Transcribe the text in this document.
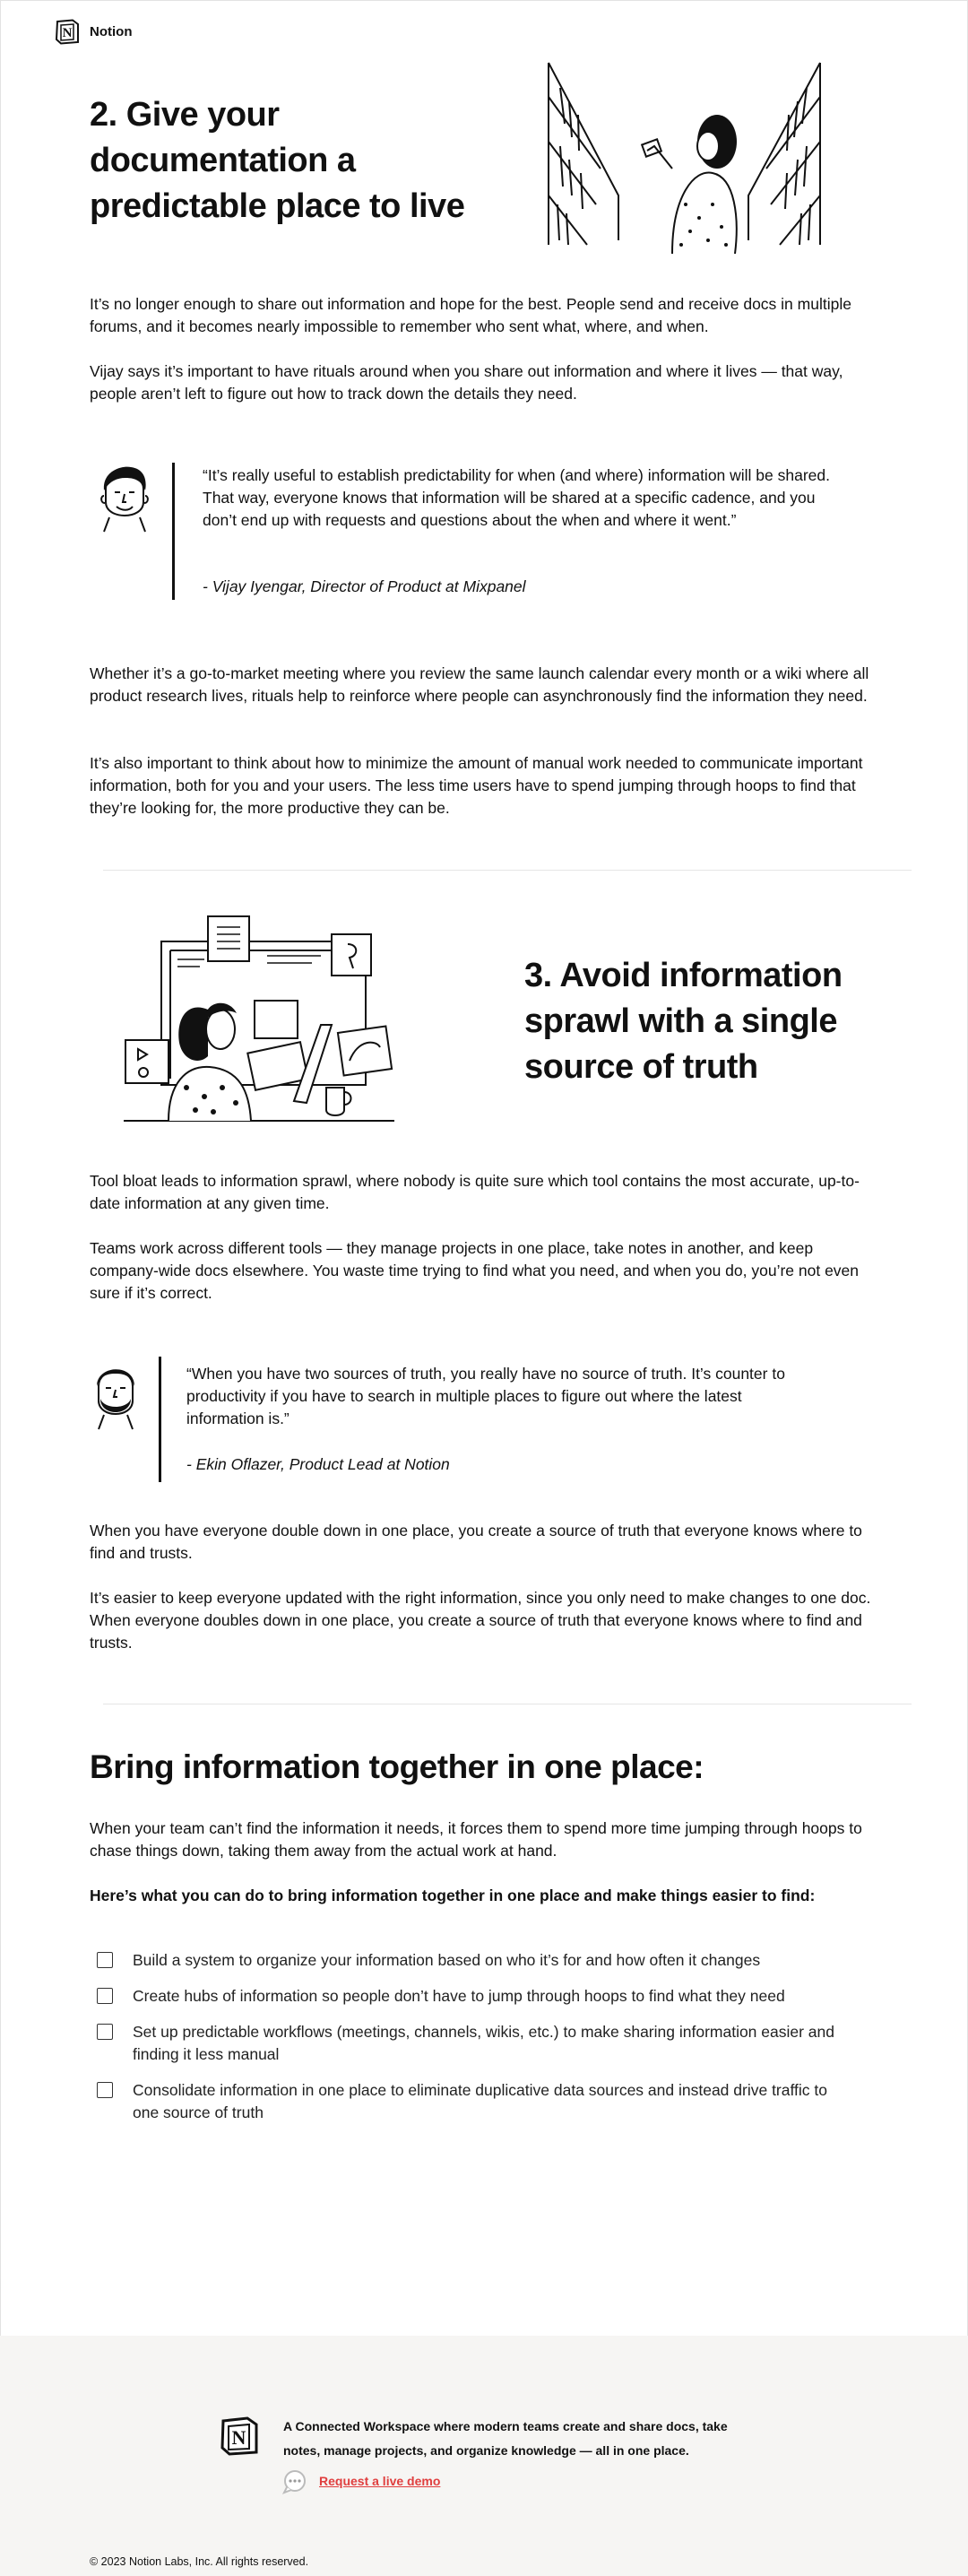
N Notion
2. Give your
documentation a
predictable place to live

It’s no longer enough to share out information and hope for the best. People send and receive docs in multiple forums, and it becomes nearly impossible to remember who sent what, where, and when.

Vijay says it’s important to have rituals around when you share out information and where it lives — that way, people aren’t left to figure out how to track down the details they need.

“It’s really useful to establish predictability for when (and where) information will be shared. That way, everyone knows that information will be shared at a specific cadence, and you don’t end up with requests and questions about the when and where it went.”
- Vijay Iyengar, Director of Product at Mixpanel

Whether it’s a go-to-market meeting where you review the same launch calendar every month or a wiki where all product research lives, rituals help to reinforce where people can asynchronously find the information they need.

It’s also important to think about how to minimize the amount of manual work needed to communicate important information, both for you and your users. The less time users have to spend jumping through hoops to find that they’re looking for, the more productive they can be.

3. Avoid information
sprawl with a single
source of truth

Tool bloat leads to information sprawl, where nobody is quite sure which tool contains the most accurate, up-to-date information at any given time.

Teams work across different tools — they manage projects in one place, take notes in another, and keep company-wide docs elsewhere. You waste time trying to find what you need, and when you do, you’re not even sure if it’s correct.

“When you have two sources of truth, you really have no source of truth. It’s counter to productivity if you have to search in multiple places to figure out where the latest information is.”
- Ekin Oflazer, Product Lead at Notion

When you have everyone double down in one place, you create a source of truth that everyone knows where to find and trusts.

It’s easier to keep everyone updated with the right information, since you only need to make changes to one doc. When everyone doubles down in one place, you create a source of truth that everyone knows where to find and trusts.

Bring information together in one place:

When your team can’t find the information it needs, it forces them to spend more time jumping through hoops to chase things down, taking them away from the actual work at hand.

Here’s what you can do to bring information together in one place and make things easier to find:

Build a system to organize your information based on who it’s for and how often it changes
Create hubs of information so people don’t have to jump through hoops to find what they need
Set up predictable workflows (meetings, channels, wikis, etc.) to make sharing information easier and finding it less manual
Consolidate information in one place to eliminate duplicative data sources and instead drive traffic to one source of truth
N	A Connected Workspace where modern teams create and share docs, take notes, manage projects, and organize knowledge — all in one place.
Request a live demo
© 2023 Notion Labs, Inc. All rights reserved.
